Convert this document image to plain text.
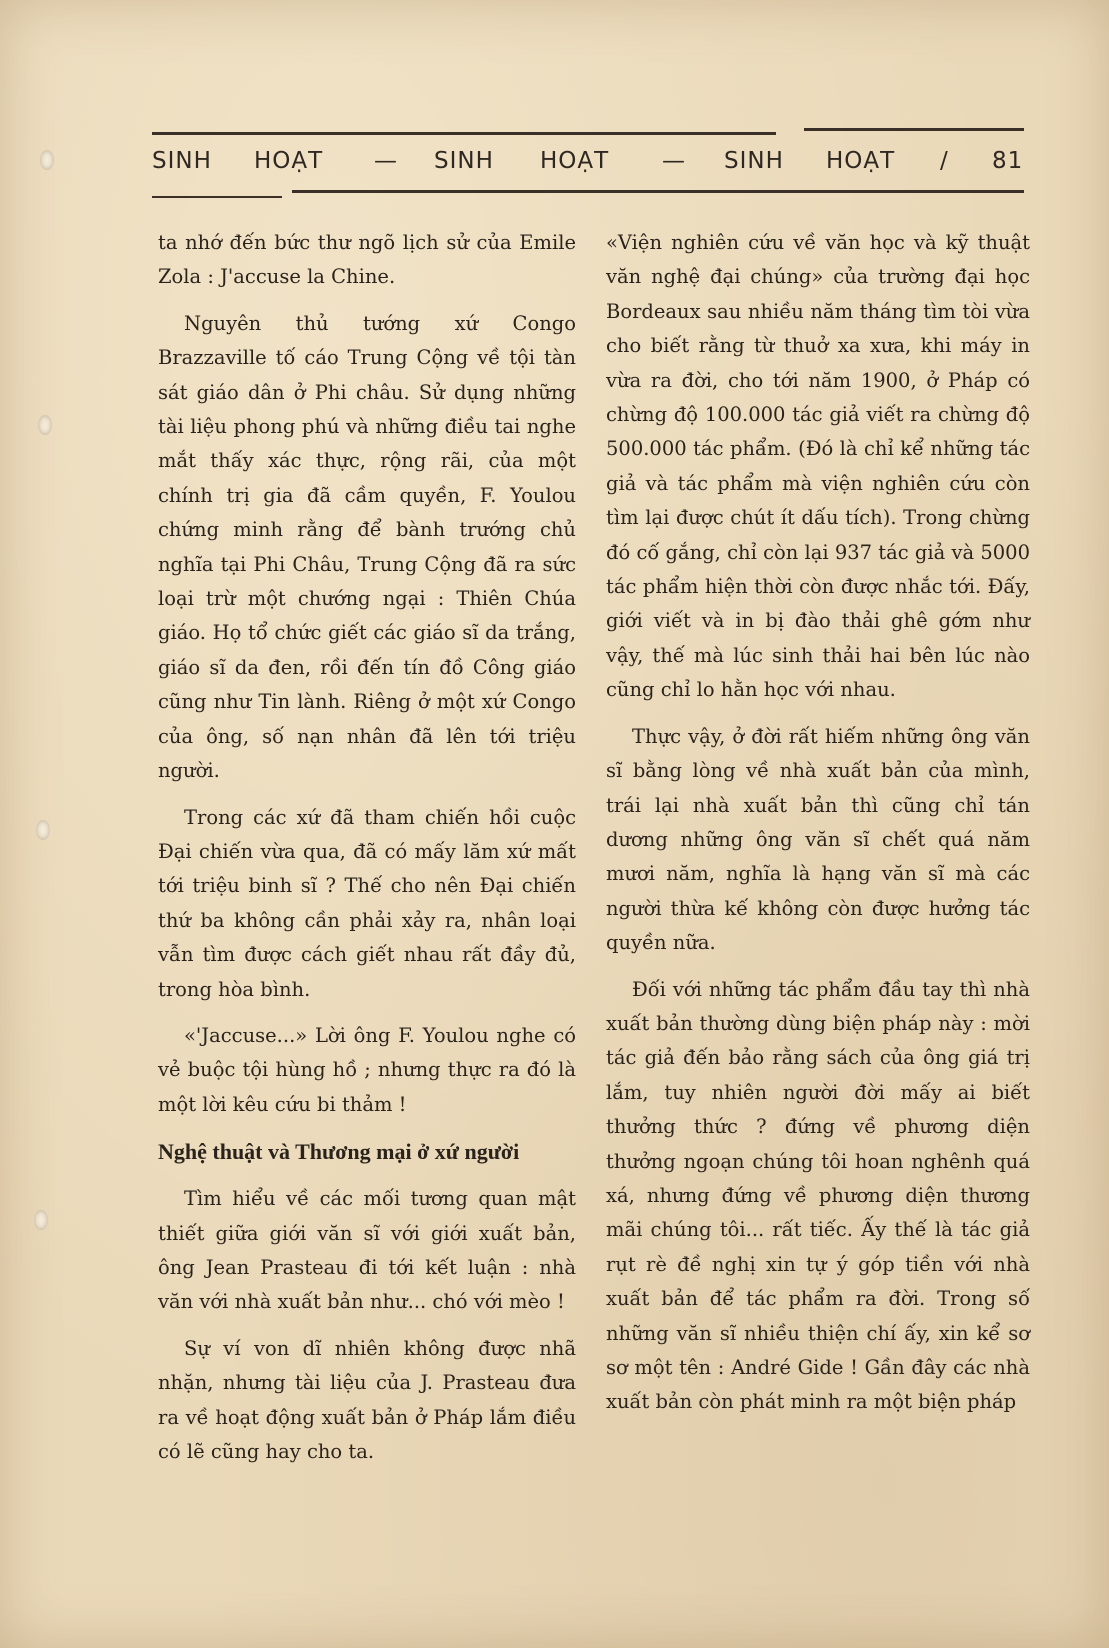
SINH HOẠT — SINH HOẠT — SINH HOẠT / 81

ta nhớ đến bức thư ngõ lịch sử của Emile Zola : J'accuse la Chine.

Nguyên thủ tướng xứ Congo Brazzaville tố cáo Trung Cộng về tội tàn sát giáo dân ở Phi châu. Sử dụng những tài liệu phong phú và những điều tai nghe mắt thấy xác thực, rộng rãi, của một chính trị gia đã cầm quyền, F. Youlou chứng minh rằng để bành trướng chủ nghĩa tại Phi Châu, Trung Cộng đã ra sức loại trừ một chướng ngại : Thiên Chúa giáo. Họ tổ chức giết các giáo sĩ da trắng, giáo sĩ da đen, rồi đến tín đồ Công giáo cũng như Tin lành. Riêng ở một xứ Congo của ông, số nạn nhân đã lên tới triệu người.

Trong các xứ đã tham chiến hồi cuộc Đại chiến vừa qua, đã có mấy lăm xứ mất tới triệu binh sĩ ? Thế cho nên Đại chiến thứ ba không cần phải xảy ra, nhân loại vẫn tìm được cách giết nhau rất đầy đủ, trong hòa bình.

«'Jaccuse...» Lời ông F. Youlou nghe có vẻ buộc tội hùng hồ ; nhưng thực ra đó là một lời kêu cứu bi thảm !

Nghệ thuật và Thương mại ở xứ người

Tìm hiểu về các mối tương quan mật thiết giữa giới văn sĩ với giới xuất bản, ông Jean Prasteau đi tới kết luận : nhà văn với nhà xuất bản như... chó với mèo !

Sự ví von dĩ nhiên không được nhã nhặn, nhưng tài liệu của J. Prasteau đưa ra về hoạt động xuất bản ở Pháp lắm điều có lẽ cũng hay cho ta.

«Viện nghiên cứu về văn học và kỹ thuật văn nghệ đại chúng» của trường đại học Bordeaux sau nhiều năm tháng tìm tòi vừa cho biết rằng từ thuở xa xưa, khi máy in vừa ra đời, cho tới năm 1900, ở Pháp có chừng độ 100.000 tác giả viết ra chừng độ 500.000 tác phẩm. (Đó là chỉ kể những tác giả và tác phẩm mà viện nghiên cứu còn tìm lại được chút ít dấu tích). Trong chừng đó cố gắng, chỉ còn lại 937 tác giả và 5000 tác phẩm hiện thời còn được nhắc tới. Đấy, giới viết và in bị đào thải ghê gớm như vậy, thế mà lúc sinh thải hai bên lúc nào cũng chỉ lo hằn học với nhau.

Thực vậy, ở đời rất hiếm những ông văn sĩ bằng lòng về nhà xuất bản của mình, trái lại nhà xuất bản thì cũng chỉ tán dương những ông văn sĩ chết quá năm mươi năm, nghĩa là hạng văn sĩ mà các người thừa kế không còn được hưởng tác quyền nữa.

Đối với những tác phẩm đầu tay thì nhà xuất bản thường dùng biện pháp này : mời tác giả đến bảo rằng sách của ông giá trị lắm, tuy nhiên người đời mấy ai biết thưởng thức ? đứng về phương diện thưởng ngoạn chúng tôi hoan nghênh quá xá, nhưng đứng về phương diện thương mãi chúng tôi... rất tiếc. Ấy thế là tác giả rụt rè đề nghị xin tự ý góp tiền với nhà xuất bản để tác phẩm ra đời. Trong số những văn sĩ nhiều thiện chí ấy, xin kể sơ sơ một tên : André Gide ! Gần đây các nhà xuất bản còn phát minh ra một biện pháp
